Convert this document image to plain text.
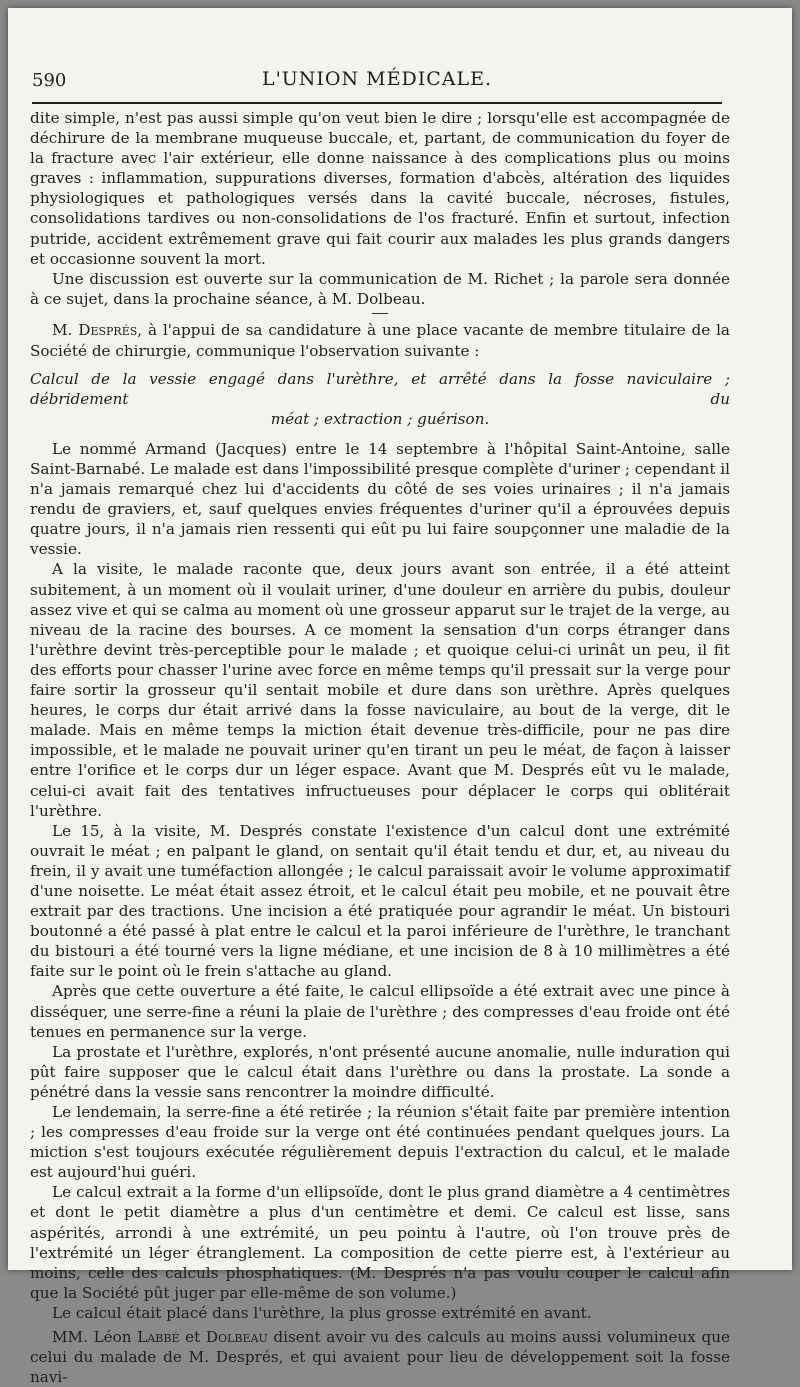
590	L'UNION MÉDICALE.

dite simple, n'est pas aussi simple qu'on veut bien le dire ; lorsqu'elle est accompagnée de déchirure de la membrane muqueuse buccale, et, partant, de communication du foyer de la fracture avec l'air extérieur, elle donne naissance à des complications plus ou moins graves : inflammation, suppurations diverses, formation d'abcès, altération des liquides physiologiques et pathologiques versés dans la cavité buccale, nécroses, fistules, consolidations tardives ou non-consolidations de l'os fracturé. Enfin et surtout, infection putride, accident extrêmement grave qui fait courir aux malades les plus grands dangers et occasionne souvent la mort.

Une discussion est ouverte sur la communication de M. Richet ; la parole sera donnée à ce sujet, dans la prochaine séance, à M. Dolbeau.

M. Després, à l'appui de sa candidature à une place vacante de membre titulaire de la Société de chirurgie, communique l'observation suivante :

Calcul de la vessie engagé dans l'urèthre, et arrêté dans la fosse naviculaire ; débridement du
méat ; extraction ; guérison.

Le nommé Armand (Jacques) entre le 14 septembre à l'hôpital Saint-Antoine, salle Saint-Barnabé. Le malade est dans l'impossibilité presque complète d'uriner ; cependant il n'a jamais remarqué chez lui d'accidents du côté de ses voies urinaires ; il n'a jamais rendu de graviers, et, sauf quelques envies fréquentes d'uriner qu'il a éprouvées depuis quatre jours, il n'a jamais rien ressenti qui eût pu lui faire soupçonner une maladie de la vessie.

A la visite, le malade raconte que, deux jours avant son entrée, il a été atteint subitement, à un moment où il voulait uriner, d'une douleur en arrière du pubis, douleur assez vive et qui se calma au moment où une grosseur apparut sur le trajet de la verge, au niveau de la racine des bourses. A ce moment la sensation d'un corps étranger dans l'urèthre devint très-perceptible pour le malade ; et quoique celui-ci urinât un peu, il fit des efforts pour chasser l'urine avec force en même temps qu'il pressait sur la verge pour faire sortir la grosseur qu'il sentait mobile et dure dans son urèthre. Après quelques heures, le corps dur était arrivé dans la fosse naviculaire, au bout de la verge, dit le malade. Mais en même temps la miction était devenue très-difficile, pour ne pas dire impossible, et le malade ne pouvait uriner qu'en tirant un peu le méat, de façon à laisser entre l'orifice et le corps dur un léger espace. Avant que M. Després eût vu le malade, celui-ci avait fait des tentatives infructueuses pour déplacer le corps qui oblitérait l'urèthre.

Le 15, à la visite, M. Després constate l'existence d'un calcul dont une extrémité ouvrait le méat ; en palpant le gland, on sentait qu'il était tendu et dur, et, au niveau du frein, il y avait une tuméfaction allongée ; le calcul paraissait avoir le volume approximatif d'une noisette. Le méat était assez étroit, et le calcul était peu mobile, et ne pouvait être extrait par des tractions. Une incision a été pratiquée pour agrandir le méat. Un bistouri boutonné a été passé à plat entre le calcul et la paroi inférieure de l'urèthre, le tranchant du bistouri a été tourné vers la ligne médiane, et une incision de 8 à 10 millimètres a été faite sur le point où le frein s'attache au gland.

Après que cette ouverture a été faite, le calcul ellipsoïde a été extrait avec une pince à disséquer, une serre-fine a réuni la plaie de l'urèthre ; des compresses d'eau froide ont été tenues en permanence sur la verge.

La prostate et l'urèthre, explorés, n'ont présenté aucune anomalie, nulle induration qui pût faire supposer que le calcul était dans l'urèthre ou dans la prostate. La sonde a pénétré dans la vessie sans rencontrer la moindre difficulté.

Le lendemain, la serre-fine a été retirée ; la réunion s'était faite par première intention ; les compresses d'eau froide sur la verge ont été continuées pendant quelques jours. La miction s'est toujours exécutée régulièrement depuis l'extraction du calcul, et le malade est aujourd'hui guéri.

Le calcul extrait a la forme d'un ellipsoïde, dont le plus grand diamètre a 4 centimètres et dont le petit diamètre a plus d'un centimètre et demi. Ce calcul est lisse, sans aspérités, arrondi à une extrémité, un peu pointu à l'autre, où l'on trouve près de l'extrémité un léger étranglement. La composition de cette pierre est, à l'extérieur au moins, celle des calculs phosphatiques. (M. Després n'a pas voulu couper le calcul afin que la Société pût juger par elle-même de son volume.)

Le calcul était placé dans l'urèthre, la plus grosse extrémité en avant.

MM. Léon Labbé et Dolbeau disent avoir vu des calculs au moins aussi volumineux que celui du malade de M. Després, et qui avaient pour lieu de développement soit la fosse navi-
